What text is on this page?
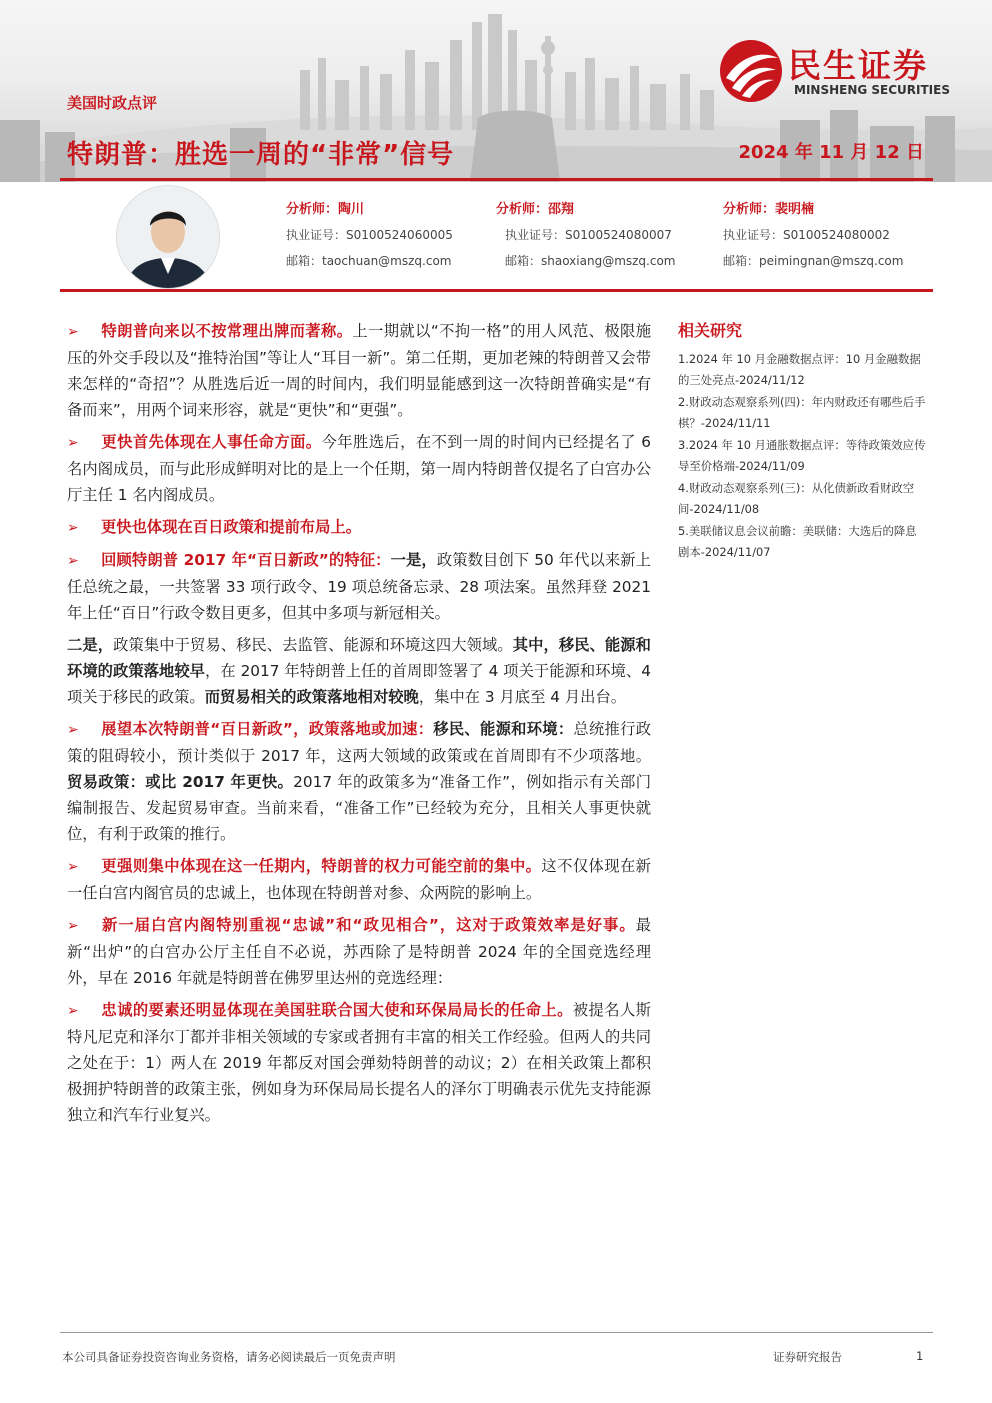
美国时政点评

特朗普：胜选一周的“非常”信号	2024 年 11 月 12 日
民生证券
MINSHENG SECURITIES
分析师：陶川
执业证号：S0100524060005
邮箱：taochuan@mszq.com
分析师：邵翔
执业证号：S0100524080007
邮箱：shaoxiang@mszq.com
分析师：裴明楠
执业证号：S0100524080002
邮箱：peimingnan@mszq.com

➢ 特朗普向来以不按常理出牌而著称。上一期就以“不拘一格”的用人风范、极限施压的外交手段以及“推特治国”等让人“耳目一新”。第二任期，更加老辣的特朗普又会带来怎样的“奇招”？从胜选后近一周的时间内，我们明显能感到这一次特朗普确实是“有备而来”，用两个词来形容，就是“更快”和“更强”。

➢ 更快首先体现在人事任命方面。今年胜选后，在不到一周的时间内已经提名了 6 名内阁成员，而与此形成鲜明对比的是上一个任期，第一周内特朗普仅提名了白宫办公厅主任 1 名内阁成员。

➢ 更快也体现在百日政策和提前布局上。

➢ 回顾特朗普 2017 年“百日新政”的特征：一是，政策数目创下 50 年代以来新上任总统之最，一共签署 33 项行政令、19 项总统备忘录、28 项法案。虽然拜登 2021 年上任“百日”行政令数目更多，但其中多项与新冠相关。

二是，政策集中于贸易、移民、去监管、能源和环境这四大领域。其中，移民、能源和环境的政策落地较早，在 2017 年特朗普上任的首周即签署了 4 项关于能源和环境、4 项关于移民的政策。而贸易相关的政策落地相对较晚，集中在 3 月底至 4 月出台。

➢ 展望本次特朗普“百日新政”，政策落地或加速：移民、能源和环境：总统推行政策的阻碍较小，预计类似于 2017 年，这两大领域的政策或在首周即有不少项落地。贸易政策：或比 2017 年更快。2017 年的政策多为“准备工作”，例如指示有关部门编制报告、发起贸易审查。当前来看，“准备工作”已经较为充分，且相关人事更快就位，有利于政策的推行。

➢ 更强则集中体现在这一任期内，特朗普的权力可能空前的集中。这不仅体现在新一任白宫内阁官员的忠诚上，也体现在特朗普对参、众两院的影响上。

➢ 新一届白宫内阁特别重视“忠诚”和“政见相合”，这对于政策效率是好事。最新“出炉”的白宫办公厅主任自不必说，苏西除了是特朗普 2024 年的全国竞选经理外，早在 2016 年就是特朗普在佛罗里达州的竞选经理：

➢ 忠诚的要素还明显体现在美国驻联合国大使和环保局局长的任命上。被提名人斯特凡尼克和泽尔丁都并非相关领域的专家或者拥有丰富的相关工作经验。但两人的共同之处在于：1）两人在 2019 年都反对国会弹劾特朗普的动议；2）在相关政策上都积极拥护特朗普的政策主张，例如身为环保局局长提名人的泽尔丁明确表示优先支持能源独立和汽车行业复兴。

相关研究

1.2024 年 10 月金融数据点评：10 月金融数据的三处亮点-2024/11/12

2.财政动态观察系列(四)：年内财政还有哪些后手棋？-2024/11/11

3.2024 年 10 月通胀数据点评：等待政策效应传导至价格端-2024/11/09

4.财政动态观察系列(三)：从化债新政看财政空间-2024/11/08

5.美联储议息会议前瞻：美联储：大选后的降息剧本-2024/11/07

本公司具备证券投资咨询业务资格，请务必阅读最后一页免责声明	证券研究报告	1
